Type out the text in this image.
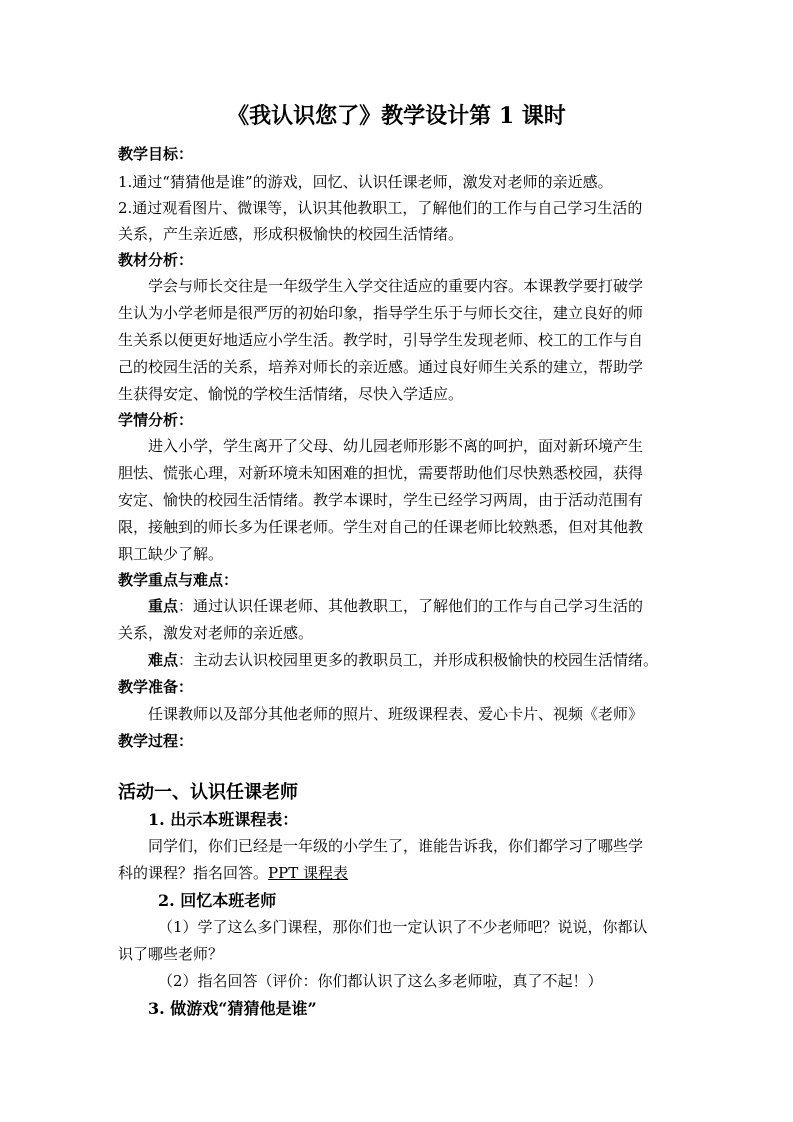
《我认识您了》教学设计第 1 课时
教学目标：
1.通过“猜猜他是谁”的游戏，回忆、认识任课老师，激发对老师的亲近感。
2.通过观看图片、微课等，认识其他教职工，了解他们的工作与自己学习生活的
关系，产生亲近感，形成积极愉快的校园生活情绪。
教材分析：
学会与师长交往是一年级学生入学交往适应的重要内容。本课教学要打破学
生认为小学老师是很严厉的初始印象，指导学生乐于与师长交往，建立良好的师
生关系以便更好地适应小学生活。教学时，引导学生发现老师、校工的工作与自
己的校园生活的关系，培养对师长的亲近感。通过良好师生关系的建立，帮助学
生获得安定、愉悦的学校生活情绪，尽快入学适应。
学情分析：
进入小学，学生离开了父母、幼儿园老师形影不离的呵护，面对新环境产生
胆怯、慌张心理，对新环境未知困难的担忧，需要帮助他们尽快熟悉校园，获得
安定、愉快的校园生活情绪。教学本课时，学生已经学习两周，由于活动范围有
限，接触到的师长多为任课老师。学生对自己的任课老师比较熟悉，但对其他教
职工缺少了解。
教学重点与难点：
重点：通过认识任课老师、其他教职工，了解他们的工作与自己学习生活的
关系，激发对老师的亲近感。
难点：主动去认识校园里更多的教职员工，并形成积极愉快的校园生活情绪。
教学准备：
任课教师以及部分其他老师的照片、班级课程表、爱心卡片、视频《老师》
教学过程：
活动一、认识任课老师
1. 出示本班课程表：
同学们，你们已经是一年级的小学生了，谁能告诉我，你们都学习了哪些学
科的课程？指名回答。PPT 课程表
2. 回忆本班老师
（1）学了这么多门课程，那你们也一定认识了不少老师吧？说说，你都认
识了哪些老师？
（2）指名回答（评价：你们都认识了这么多老师啦，真了不起！）
3. 做游戏“猜猜他是谁”
